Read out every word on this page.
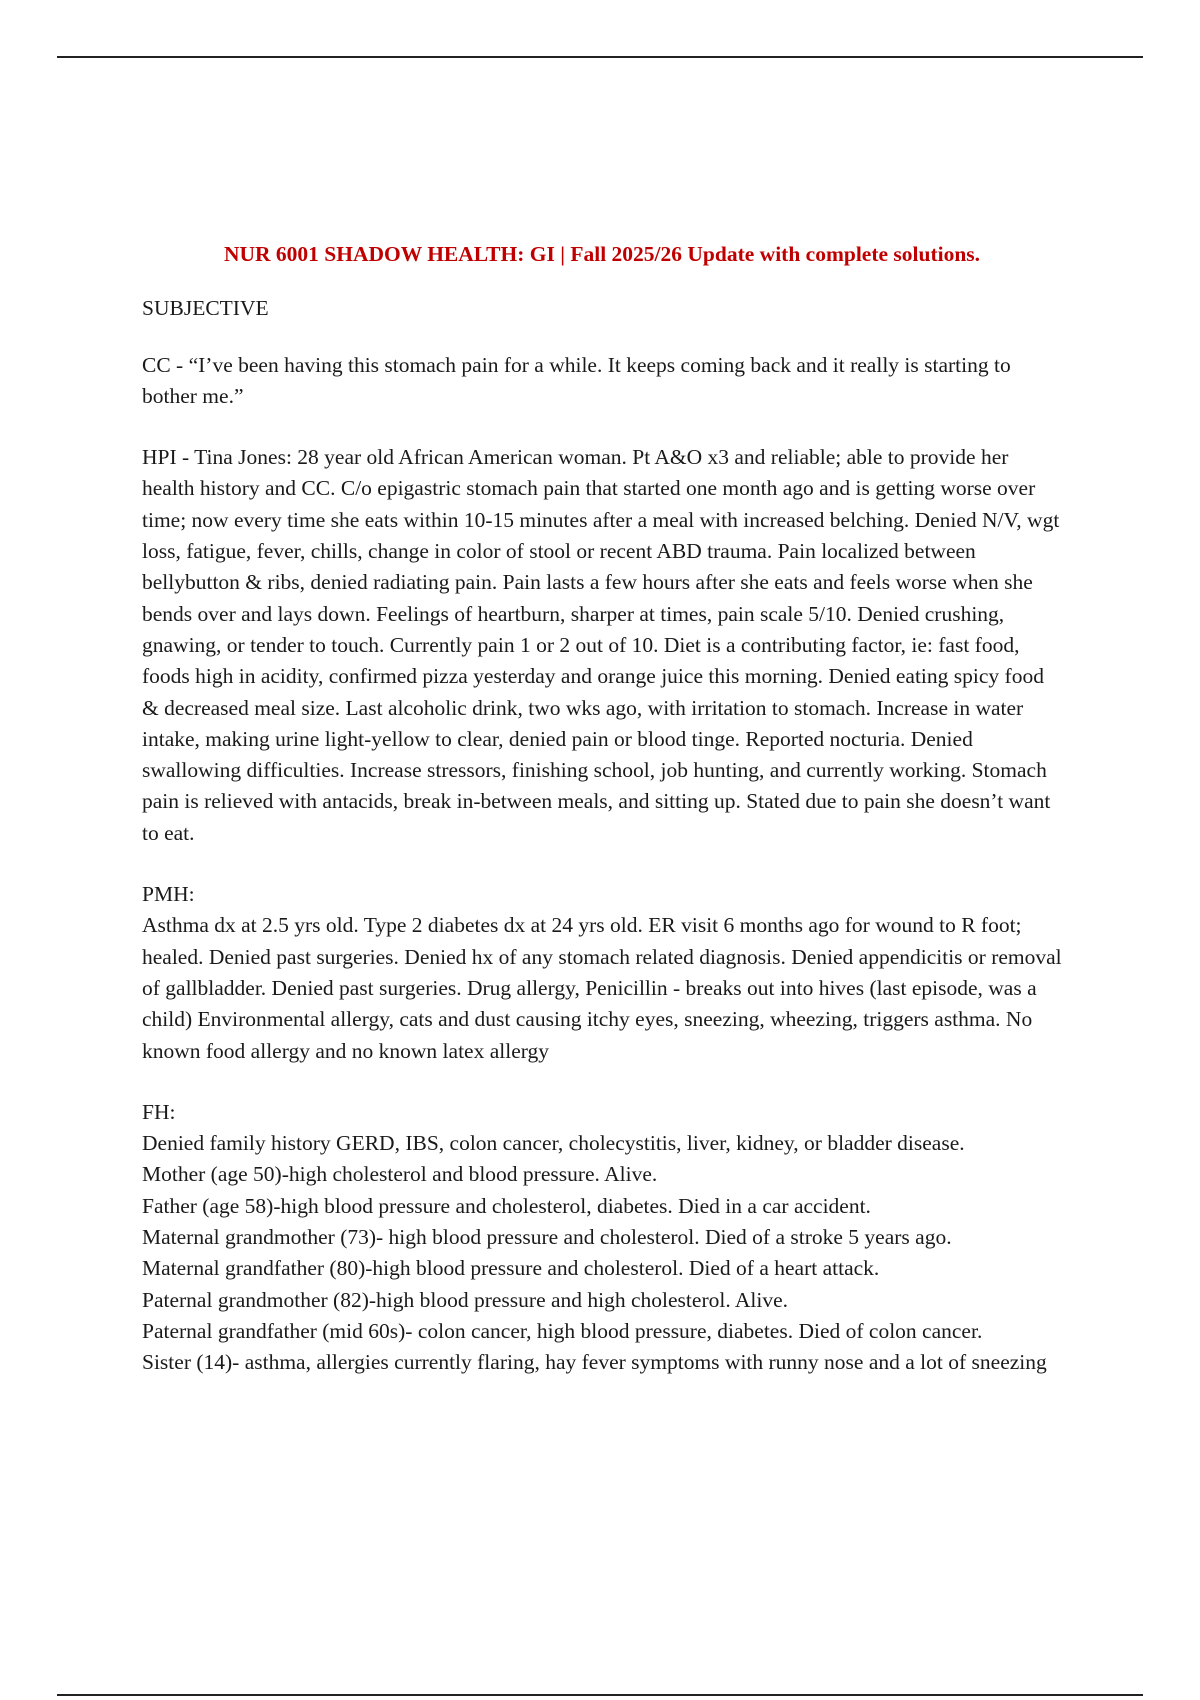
NUR 6001 SHADOW HEALTH: GI | Fall 2025/26 Update with complete solutions.

SUBJECTIVE

CC - “I’ve been having this stomach pain for a while. It keeps coming back and it really is starting to bother me.”

HPI - Tina Jones: 28 year old African American woman. Pt A&O x3 and reliable; able to provide her health history and CC. C/o epigastric stomach pain that started one month ago and is getting worse over time; now every time she eats within 10-15 minutes after a meal with increased belching. Denied N/V, wgt loss, fatigue, fever, chills, change in color of stool or recent ABD trauma. Pain localized between bellybutton & ribs, denied radiating pain. Pain lasts a few hours after she eats and feels worse when she bends over and lays down. Feelings of heartburn, sharper at times, pain scale 5/10. Denied crushing, gnawing, or tender to touch. Currently pain 1 or 2 out of 10. Diet is a contributing factor, ie: fast food, foods high in acidity, confirmed pizza yesterday and orange juice this morning. Denied eating spicy food & decreased meal size. Last alcoholic drink, two wks ago, with irritation to stomach. Increase in water intake, making urine light-yellow to clear, denied pain or blood tinge. Reported nocturia. Denied swallowing difficulties. Increase stressors, finishing school, job hunting, and currently working. Stomach pain is relieved with antacids, break in-between meals, and sitting up. Stated due to pain she doesn’t want to eat.

PMH:

Asthma dx at 2.5 yrs old. Type 2 diabetes dx at 24 yrs old. ER visit 6 months ago for wound to R foot; healed. Denied past surgeries. Denied hx of any stomach related diagnosis. Denied appendicitis or removal of gallbladder. Denied past surgeries. Drug allergy, Penicillin - breaks out into hives (last episode, was a child) Environmental allergy, cats and dust causing itchy eyes, sneezing, wheezing, triggers asthma. No known food allergy and no known latex allergy

FH:

Denied family history GERD, IBS, colon cancer, cholecystitis, liver, kidney, or bladder disease.

Mother (age 50)-high cholesterol and blood pressure. Alive.

Father (age 58)-high blood pressure and cholesterol, diabetes. Died in a car accident.

Maternal grandmother (73)- high blood pressure and cholesterol. Died of a stroke 5 years ago.

Maternal grandfather (80)-high blood pressure and cholesterol. Died of a heart attack.

Paternal grandmother (82)-high blood pressure and high cholesterol. Alive.

Paternal grandfather (mid 60s)- colon cancer, high blood pressure, diabetes. Died of colon cancer.

Sister (14)- asthma, allergies currently flaring, hay fever symptoms with runny nose and a lot of sneezing
